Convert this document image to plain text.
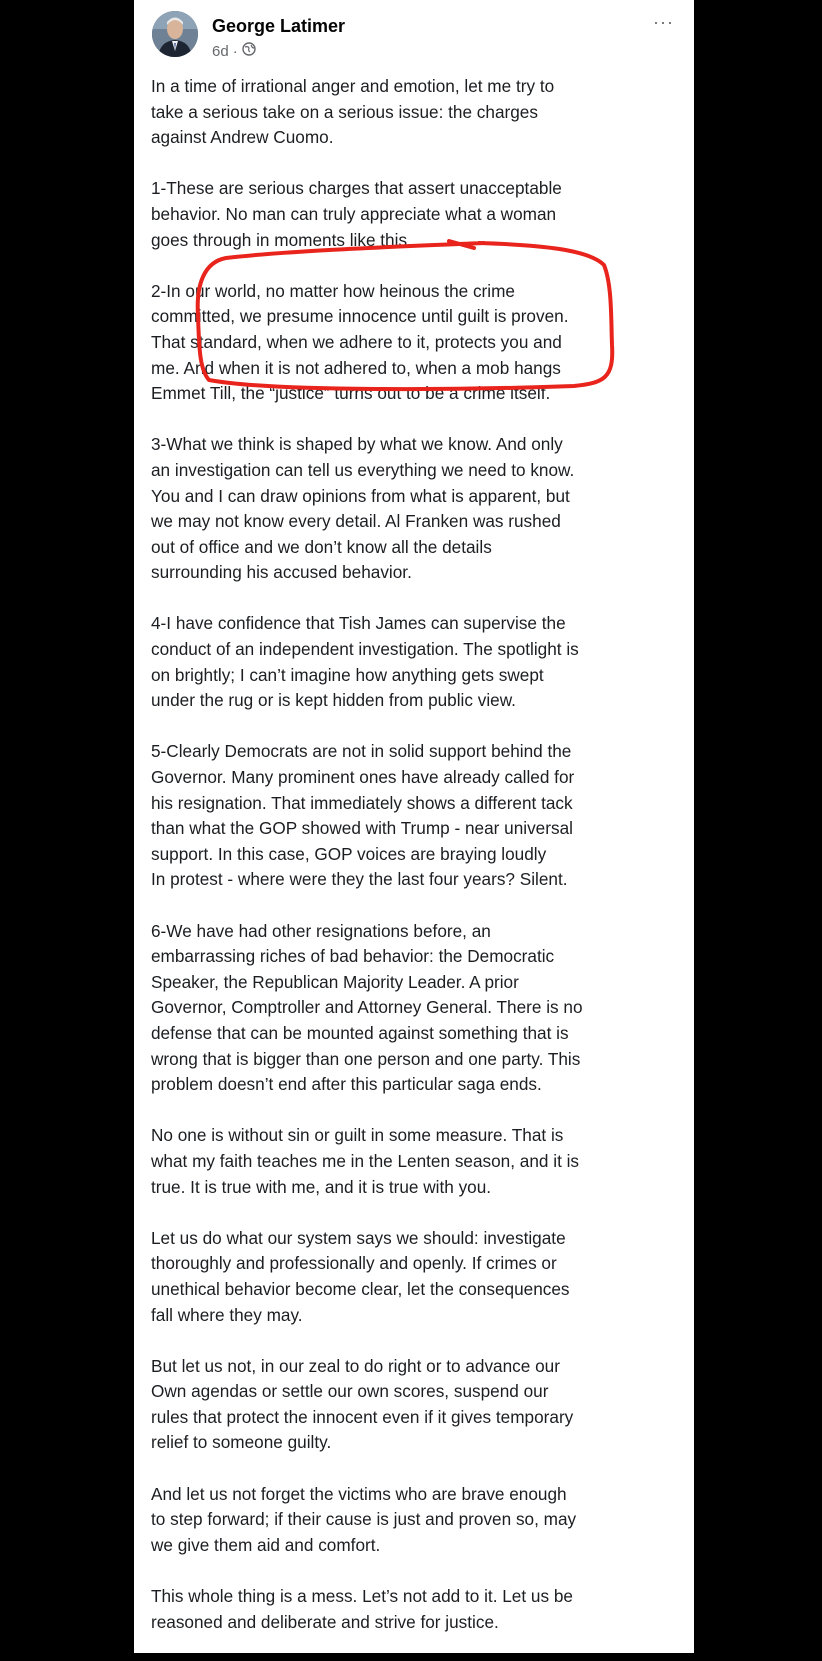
George Latimer
6d ·
···
In a time of irrational anger and emotion, let me try to
take a serious take on a serious issue: the charges
against Andrew Cuomo.
1-These are serious charges that assert unacceptable
behavior. No man can truly appreciate what a woman
goes through in moments like this.
2-In our world, no matter how heinous the crime
committed, we presume innocence until guilt is proven.
That standard, when we adhere to it, protects you and
me. And when it is not adhered to, when a mob hangs
Emmet Till, the “justice” turns out to be a crime itself.
3-What we think is shaped by what we know. And only
an investigation can tell us everything we need to know.
You and I can draw opinions from what is apparent, but
we may not know every detail. Al Franken was rushed
out of office and we don’t know all the details
surrounding his accused behavior.
4-I have confidence that Tish James can supervise the
conduct of an independent investigation. The spotlight is
on brightly; I can’t imagine how anything gets swept
under the rug or is kept hidden from public view.
5-Clearly Democrats are not in solid support behind the
Governor. Many prominent ones have already called for
his resignation. That immediately shows a different tack
than what the GOP showed with Trump - near universal
support. In this case, GOP voices are braying loudly
In protest - where were they the last four years? Silent.
6-We have had other resignations before, an
embarrassing riches of bad behavior: the Democratic
Speaker, the Republican Majority Leader. A prior
Governor, Comptroller and Attorney General. There is no
defense that can be mounted against something that is
wrong that is bigger than one person and one party. This
problem doesn’t end after this particular saga ends.
No one is without sin or guilt in some measure. That is
what my faith teaches me in the Lenten season, and it is
true. It is true with me, and it is true with you.
Let us do what our system says we should: investigate
thoroughly and professionally and openly. If crimes or
unethical behavior become clear, let the consequences
fall where they may.
But let us not, in our zeal to do right or to advance our
Own agendas or settle our own scores, suspend our
rules that protect the innocent even if it gives temporary
relief to someone guilty.
And let us not forget the victims who are brave enough
to step forward; if their cause is just and proven so, may
we give them aid and comfort.
This whole thing is a mess. Let’s not add to it. Let us be
reasoned and deliberate and strive for justice.
